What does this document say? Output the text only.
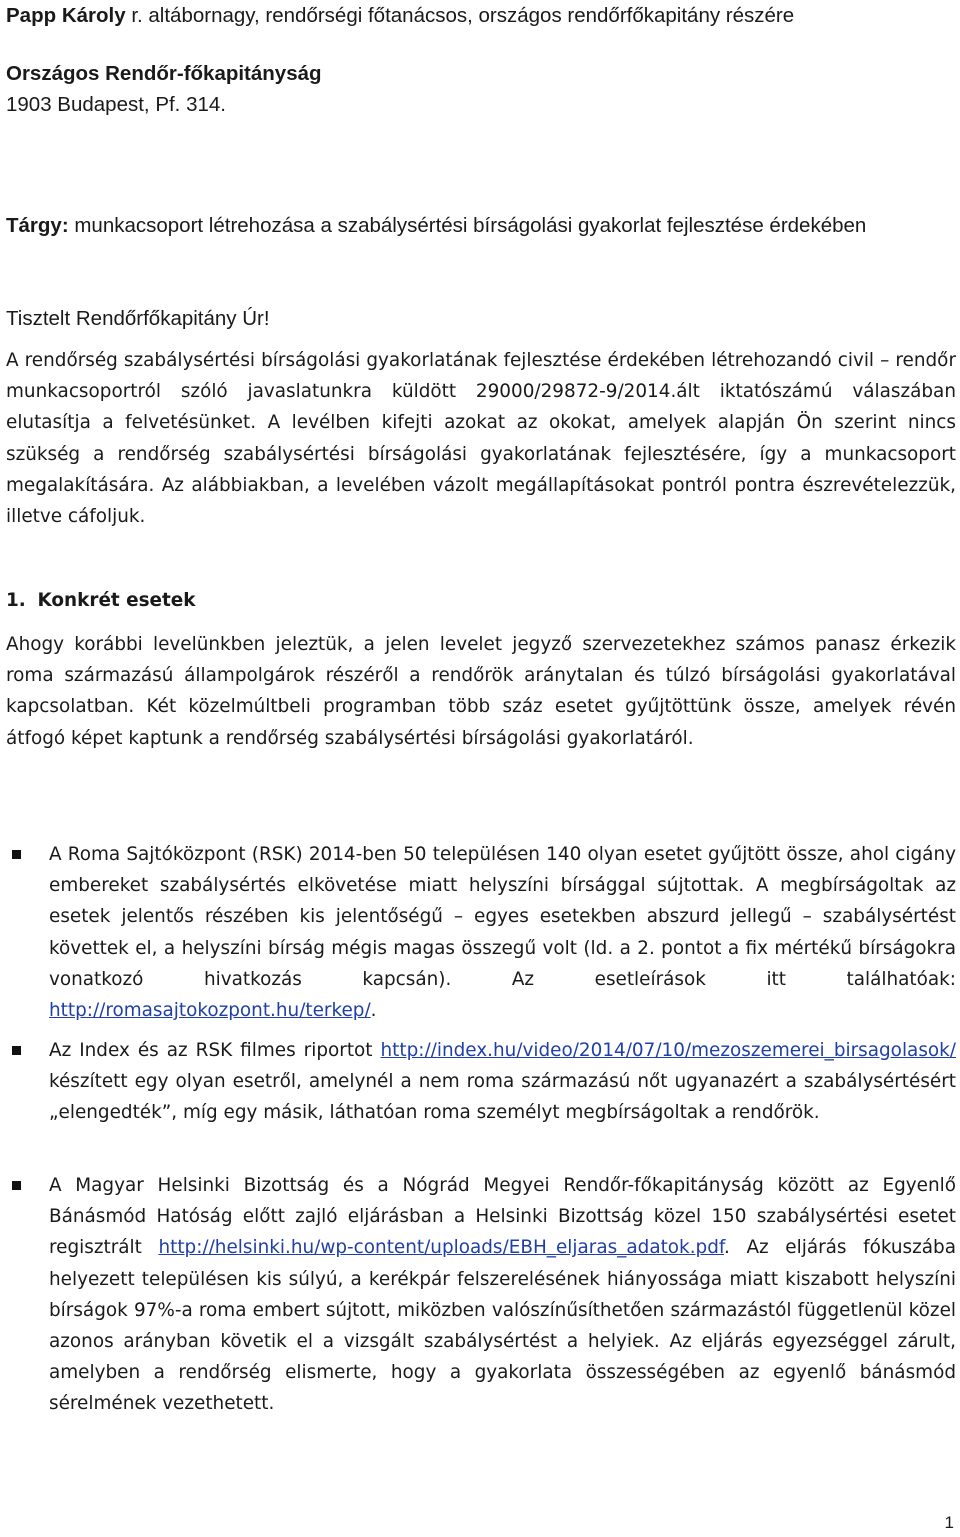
Papp Károly r. altábornagy, rendőrségi főtanácsos, országos rendőrfőkapitány részére
Országos Rendőr-főkapitányság
1903 Budapest, Pf. 314.
Tárgy: munkacsoport létrehozása a szabálysértési bírságolási gyakorlat fejlesztése érdekében
Tisztelt Rendőrfőkapitány Úr!

A rendőrség szabálysértési bírságolási gyakorlatának fejlesztése érdekében létrehozandó civil – rendőr munkacsoportról szóló javaslatunkra küldött 29000/29872-9/2014.ált iktatószámú válaszában elutasítja a felvetésünket. A levélben kifejti azokat az okokat, amelyek alapján Ön szerint nincs szükség a rendőrség szabálysértési bírságolási gyakorlatának fejlesztésére, így a munkacsoport megalakítására. Az alábbiakban, a levelében vázolt megállapításokat pontról pontra észrevételezzük, illetve cáfoljuk.

1. Konkrét esetek

Ahogy korábbi levelünkben jeleztük, a jelen levelet jegyző szervezetekhez számos panasz érkezik roma származású állampolgárok részéről a rendőrök aránytalan és túlzó bírságolási gyakorlatával kapcsolatban. Két közelmúltbeli programban több száz esetet gyűjtöttünk össze, amelyek révén átfogó képet kaptunk a rendőrség szabálysértési bírságolási gyakorlatáról.

A Roma Sajtóközpont (RSK) 2014-ben 50 településen 140 olyan esetet gyűjtött össze, ahol cigány embereket szabálysértés elkövetése miatt helyszíni bírsággal sújtottak. A megbírságoltak az esetek jelentős részében kis jelentőségű – egyes esetekben abszurd jellegű – szabálysértést követtek el, a helyszíni bírság mégis magas összegű volt (ld. a 2. pontot a fix mértékű bírságokra vonatkozó hivatkozás kapcsán). Az esetleírások itt találhatóak: http://romasajtokozpont.hu/terkep/.
Az Index és az RSK filmes riportot http://index.hu/video/2014/07/10/mezoszemerei_birsagolasok/ készített egy olyan esetről, amelynél a nem roma származású nőt ugyanazért a szabálysértésért „elengedték”, míg egy másik, láthatóan roma személyt megbírságoltak a rendőrök.
A Magyar Helsinki Bizottság és a Nógrád Megyei Rendőr-főkapitányság között az Egyenlő Bánásmód Hatóság előtt zajló eljárásban a Helsinki Bizottság közel 150 szabálysértési esetet regisztrált http://helsinki.hu/wp-content/uploads/EBH_eljaras_adatok.pdf. Az eljárás fókuszába helyezett településen kis súlyú, a kerékpár felszerelésének hiányossága miatt kiszabott helyszíni bírságok 97%-a roma embert sújtott, miközben valószínűsíthetően származástól függetlenül közel azonos arányban követik el a vizsgált szabálysértést a helyiek. Az eljárás egyezséggel zárult, amelyben a rendőrség elismerte, hogy a gyakorlata összességében az egyenlő bánásmód sérelmének vezethetett.
1
